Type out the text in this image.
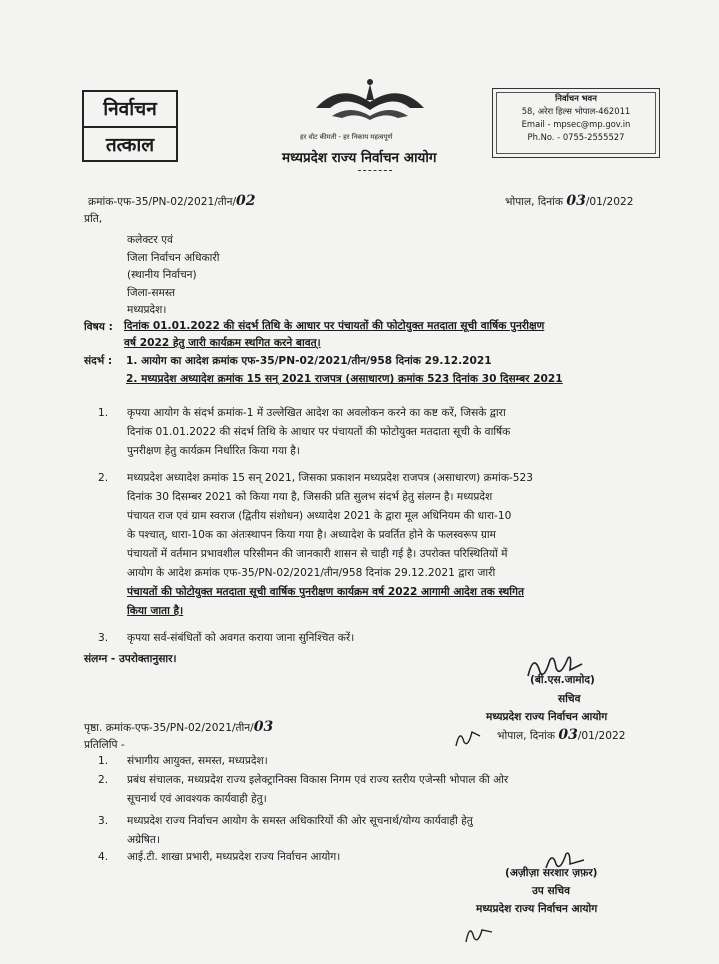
निर्वाचन
तत्काल	हर वोट कीमती - हर निकाय महत्वपूर्ण
मध्यप्रदेश राज्य निर्वाचन आयोग
निर्वाचन भवन
58, अरेरा हिल्स भोपाल-462011
Email - mpsec@mp.gov.in
Ph.No. - 0755-2555527
क्रमांक-एफ-35/PN-02/2021/तीन/02	भोपाल, दिनांक 03/01/2022
प्रति,
कलेक्टर एवं
जिला निर्वाचन अधिकारी
(स्थानीय निर्वाचन)
जिला-समस्त
मध्यप्रदेश।
विषय : दिनांक 01.01.2022 की संदर्भ तिथि के आधार पर पंचायतों की फोटोयुक्त मतदाता सूची वार्षिक पुनरीक्षण
वर्ष 2022 हेतु जारी कार्यक्रम स्थगित करने बावत्।
संदर्भ : 1. आयोग का आदेश क्रमांक एफ-35/PN-02/2021/तीन/958 दिनांक 29.12.2021
2. मध्यप्रदेश अध्यादेश क्रमांक 15 सन् 2021 राजपत्र (असाधारण) क्रमांक 523 दिनांक 30 दिसम्बर 2021
1. कृपया आयोग के संदर्भ क्रमांक-1 में उल्लेखित आदेश का अवलोकन करने का कष्ट करें, जिसके द्वारा
दिनांक 01.01.2022 की संदर्भ तिथि के आधार पर पंचायतों की फोटोयुक्त मतदाता सूची के वार्षिक
पुनरीक्षण हेतु कार्यक्रम निर्धारित किया गया है।
2. मध्यप्रदेश अध्यादेश क्रमांक 15 सन् 2021, जिसका प्रकाशन मध्यप्रदेश राजपत्र (असाधारण) क्रमांक-523
दिनांक 30 दिसम्बर 2021 को किया गया है, जिसकी प्रति सुलभ संदर्भ हेतु संलग्न है। मध्यप्रदेश
पंचायत राज एवं ग्राम स्वराज (द्वितीय संशोधन) अध्यादेश 2021 के द्वारा मूल अधिनियम की धारा-10
के पश्चात्, धारा-10क का अंतःस्थापन किया गया है। अध्यादेश के प्रवर्तित होने के फलस्वरूप ग्राम
पंचायतों में वर्तमान प्रभावशील परिसीमन की जानकारी शासन से चाही गई है। उपरोक्त परिस्थितियों में
आयोग के आदेश क्रमांक एफ-35/PN-02/2021/तीन/958 दिनांक 29.12.2021 द्वारा जारी
पंचायतों की फोटोयुक्त मतदाता सूची वार्षिक पुनरीक्षण कार्यक्रम वर्ष 2022 आगामी आदेश तक स्थगित
किया जाता है।
3. कृपया सर्व-संबंधितों को अवगत कराया जाना सुनिश्चित करें।
संलग्न - उपरोक्तानुसार।
(बी.एस.जामोद)
सचिव
मध्यप्रदेश राज्य निर्वाचन आयोग
भोपाल, दिनांक 03/01/2022
पृष्ठा. क्रमांक-एफ-35/PN-02/2021/तीन/03
प्रतिलिपि -
1. संभागीय आयुक्त, समस्त, मध्यप्रदेश।
2. प्रबंध संचालक, मध्यप्रदेश राज्य इलेक्ट्रानिक्स विकास निगम एवं राज्य स्तरीय एजेन्सी भोपाल की ओर
सूचनार्थ एवं आवश्यक कार्यवाही हेतु।
3. मध्यप्रदेश राज्य निर्वाचन आयोग के समस्त अधिकारियों की ओर सूचनार्थ/योग्य कार्यवाही हेतु
अग्रेषित।
4. आई.टी. शाखा प्रभारी, मध्यप्रदेश राज्य निर्वाचन आयोग।
(अज़ीज़ा सरशार ज़फ़र)
उप सचिव
मध्यप्रदेश राज्य निर्वाचन आयोग
